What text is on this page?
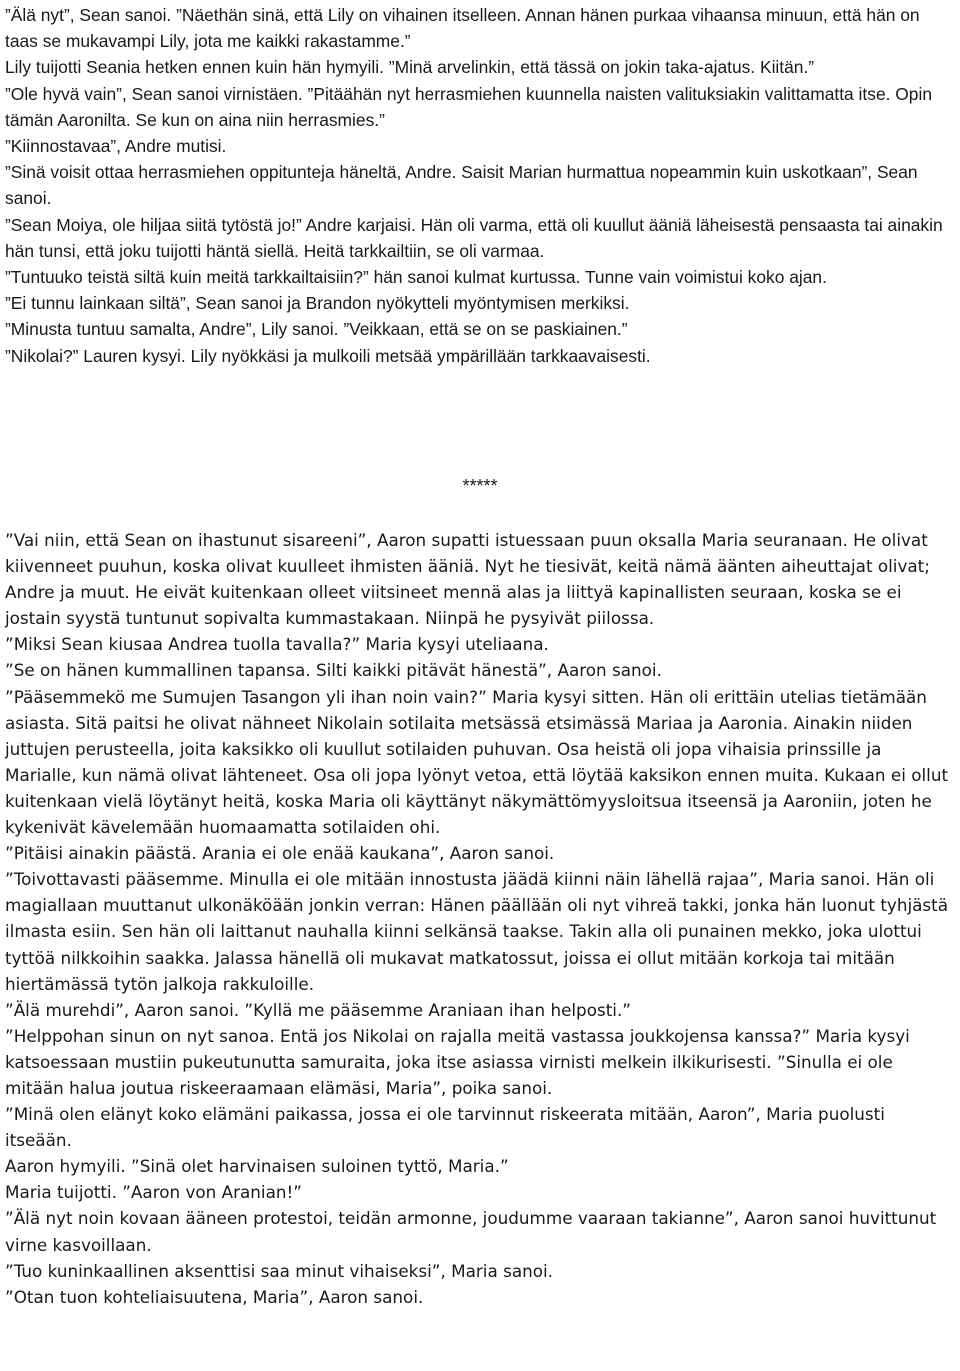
”Älä nyt”, Sean sanoi. ”Näethän sinä, että Lily on vihainen itselleen. Annan hänen purkaa vihaansa minuun, että hän on taas se mukavampi Lily, jota me kaikki rakastamme.”

Lily tuijotti Seania hetken ennen kuin hän hymyili. ”Minä arvelinkin, että tässä on jokin taka-ajatus. Kiitän.”

”Ole hyvä vain”, Sean sanoi virnistäen. ”Pitäähän nyt herrasmiehen kuunnella naisten valituksiakin valittamatta itse. Opin tämän Aaronilta. Se kun on aina niin herrasmies.”

”Kiinnostavaa”, Andre mutisi.

”Sinä voisit ottaa herrasmiehen oppitunteja häneltä, Andre. Saisit Marian hurmattua nopeammin kuin uskotkaan”, Sean sanoi.

”Sean Moiya, ole hiljaa siitä tytöstä jo!” Andre karjaisi. Hän oli varma, että oli kuullut ääniä läheisestä pensaasta tai ainakin hän tunsi, että joku tuijotti häntä siellä. Heitä tarkkailtiin, se oli varmaa.

”Tuntuuko teistä siltä kuin meitä tarkkailtaisiin?” hän sanoi kulmat kurtussa. Tunne vain voimistui koko ajan.

”Ei tunnu lainkaan siltä”, Sean sanoi ja Brandon nyökytteli myöntymisen merkiksi.

”Minusta tuntuu samalta, Andre”, Lily sanoi. ”Veikkaan, että se on se paskiainen.”

”Nikolai?” Lauren kysyi. Lily nyökkäsi ja mulkoili metsää ympärillään tarkkaavaisesti.

*****

”Vai niin, että Sean on ihastunut sisareeni”, Aaron supatti istuessaan puun oksalla Maria seuranaan. He olivat kiivenneet puuhun, koska olivat kuulleet ihmisten ääniä. Nyt he tiesivät, keitä nämä äänten aiheuttajat olivat; Andre ja muut. He eivät kuitenkaan olleet viitsineet mennä alas ja liittyä kapinallisten seuraan, koska se ei jostain syystä tuntunut sopivalta kummastakaan. Niinpä he pysyivät piilossa.

”Miksi Sean kiusaa Andrea tuolla tavalla?” Maria kysyi uteliaana.

”Se on hänen kummallinen tapansa. Silti kaikki pitävät hänestä”, Aaron sanoi.

”Pääsemmekö me Sumujen Tasangon yli ihan noin vain?” Maria kysyi sitten. Hän oli erittäin utelias tietämään asiasta. Sitä paitsi he olivat nähneet Nikolain sotilaita metsässä etsimässä Mariaa ja Aaronia. Ainakin niiden juttujen perusteella, joita kaksikko oli kuullut sotilaiden puhuvan. Osa heistä oli jopa vihaisia prinssille ja Marialle, kun nämä olivat lähteneet. Osa oli jopa lyönyt vetoa, että löytää kaksikon ennen muita. Kukaan ei ollut kuitenkaan vielä löytänyt heitä, koska Maria oli käyttänyt näkymättömyysloitsua itseensä ja Aaroniin, joten he kykenivät kävelemään huomaamatta sotilaiden ohi.

”Pitäisi ainakin päästä. Arania ei ole enää kaukana”, Aaron sanoi.

”Toivottavasti pääsemme. Minulla ei ole mitään innostusta jäädä kiinni näin lähellä rajaa”, Maria sanoi. Hän oli magiallaan muuttanut ulkonäköään jonkin verran: Hänen päällään oli nyt vihreä takki, jonka hän luonut tyhjästä ilmasta esiin. Sen hän oli laittanut nauhalla kiinni selkänsä taakse. Takin alla oli punainen mekko, joka ulottui tyttöä nilkkoihin saakka. Jalassa hänellä oli mukavat matkatossut, joissa ei ollut mitään korkoja tai mitään hiertämässä tytön jalkoja rakkuloille.

”Älä murehdi”, Aaron sanoi. ”Kyllä me pääsemme Araniaan ihan helposti.”

”Helppohan sinun on nyt sanoa. Entä jos Nikolai on rajalla meitä vastassa joukkojensa kanssa?” Maria kysyi katsoessaan mustiin pukeutunutta samuraita, joka itse asiassa virnisti melkein ilkikurisesti. ”Sinulla ei ole mitään halua joutua riskeeraamaan elämäsi, Maria”, poika sanoi.

”Minä olen elänyt koko elämäni paikassa, jossa ei ole tarvinnut riskeerata mitään, Aaron”, Maria puolusti itseään.

Aaron hymyili. ”Sinä olet harvinaisen suloinen tyttö, Maria.”

Maria tuijotti. ”Aaron von Aranian!”

”Älä nyt noin kovaan ääneen protestoi, teidän armonne, joudumme vaaraan takianne”, Aaron sanoi huvittunut virne kasvoillaan.

”Tuo kuninkaallinen aksenttisi saa minut vihaiseksi”, Maria sanoi.

”Otan tuon kohteliaisuutena, Maria”, Aaron sanoi.
